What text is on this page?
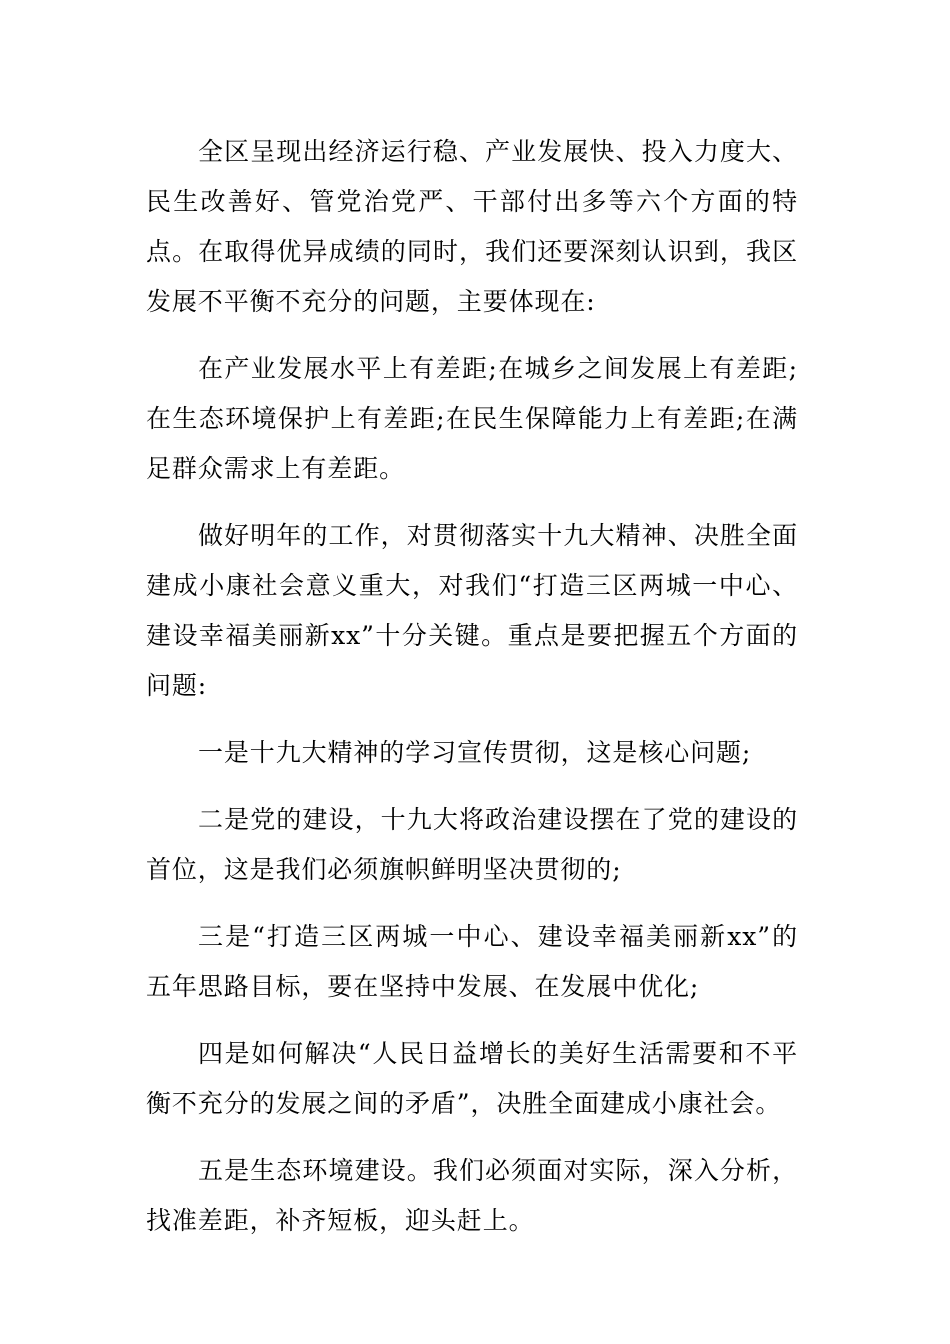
全区呈现出经济运行稳、产业发展快、投入力度大、民生改善好、管党治党严、干部付出多等六个方面的特点。在取得优异成绩的同时，我们还要深刻认识到，我区发展不平衡不充分的问题，主要体现在:

在产业发展水平上有差距;在城乡之间发展上有差距;在生态环境保护上有差距;在民生保障能力上有差距;在满足群众需求上有差距。

做好明年的工作，对贯彻落实十九大精神、决胜全面建成小康社会意义重大，对我们“打造三区两城一中心、建设幸福美丽新xx”十分关键。重点是要把握五个方面的问题:

一是十九大精神的学习宣传贯彻，这是核心问题;

二是党的建设，十九大将政治建设摆在了党的建设的首位，这是我们必须旗帜鲜明坚决贯彻的;

三是“打造三区两城一中心、建设幸福美丽新xx”的五年思路目标，要在坚持中发展、在发展中优化;

四是如何解决“人民日益增长的美好生活需要和不平衡不充分的发展之间的矛盾”，决胜全面建成小康社会。

五是生态环境建设。我们必须面对实际，深入分析，找准差距，补齐短板，迎头赶上。
